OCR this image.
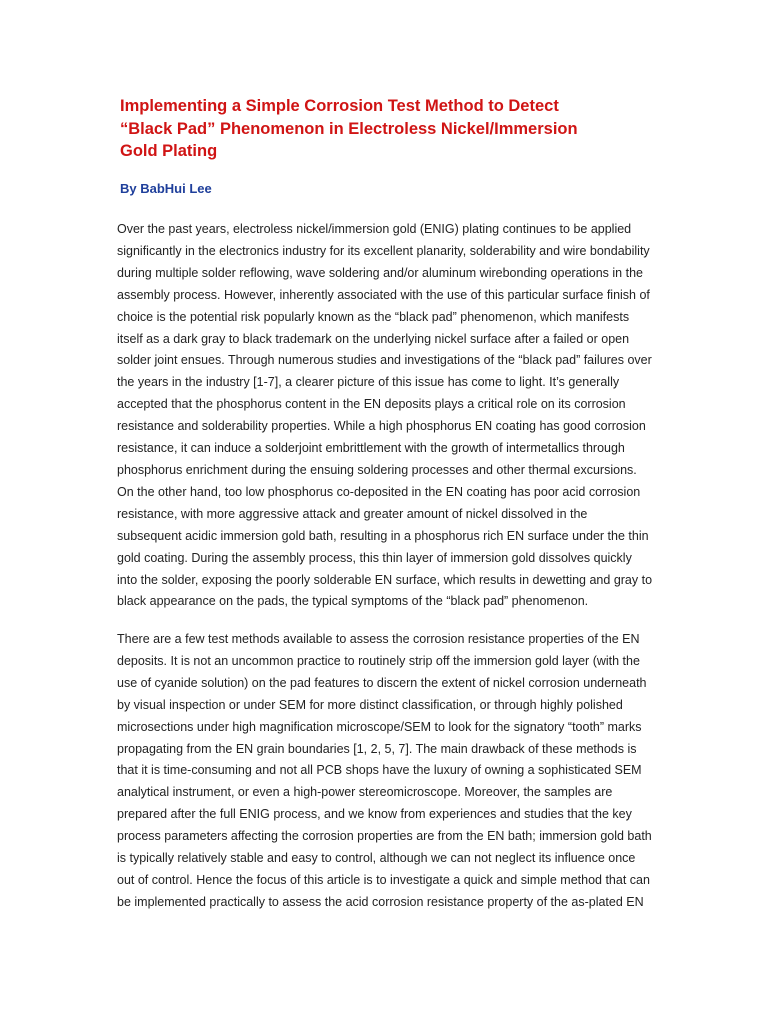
Implementing a Simple Corrosion Test Method to Detect
“Black Pad” Phenomenon in Electroless Nickel/Immersion
Gold Plating

By BabHui Lee

Over the past years, electroless nickel/immersion gold (ENIG) plating continues to be applied
significantly in the electronics industry for its excellent planarity, solderability and wire bondability
during multiple solder reflowing, wave soldering and/or aluminum wirebonding operations in the
assembly process. However, inherently associated with the use of this particular surface finish of
choice is the potential risk popularly known as the “black pad” phenomenon, which manifests
itself as a dark gray to black trademark on the underlying nickel surface after a failed or open
solder joint ensues. Through numerous studies and investigations of the “black pad” failures over
the years in the industry [1-7], a clearer picture of this issue has come to light. It’s generally
accepted that the phosphorus content in the EN deposits plays a critical role on its corrosion
resistance and solderability properties. While a high phosphorus EN coating has good corrosion
resistance, it can induce a solderjoint embrittlement with the growth of intermetallics through
phosphorus enrichment during the ensuing soldering processes and other thermal excursions.
On the other hand, too low phosphorus co-deposited in the EN coating has poor acid corrosion
resistance, with more aggressive attack and greater amount of nickel dissolved in the
subsequent acidic immersion gold bath, resulting in a phosphorus rich EN surface under the thin
gold coating. During the assembly process, this thin layer of immersion gold dissolves quickly
into the solder, exposing the poorly solderable EN surface, which results in dewetting and gray to
black appearance on the pads, the typical symptoms of the “black pad” phenomenon.

There are a few test methods available to assess the corrosion resistance properties of the EN
deposits. It is not an uncommon practice to routinely strip off the immersion gold layer (with the
use of cyanide solution) on the pad features to discern the extent of nickel corrosion underneath
by visual inspection or under SEM for more distinct classification, or through highly polished
microsections under high magnification microscope/SEM to look for the signatory “tooth” marks
propagating from the EN grain boundaries [1, 2, 5, 7]. The main drawback of these methods is
that it is time-consuming and not all PCB shops have the luxury of owning a sophisticated SEM
analytical instrument, or even a high-power stereomicroscope. Moreover, the samples are
prepared after the full ENIG process, and we know from experiences and studies that the key
process parameters affecting the corrosion properties are from the EN bath; immersion gold bath
is typically relatively stable and easy to control, although we can not neglect its influence once
out of control. Hence the focus of this article is to investigate a quick and simple method that can
be implemented practically to assess the acid corrosion resistance property of the as-plated EN
